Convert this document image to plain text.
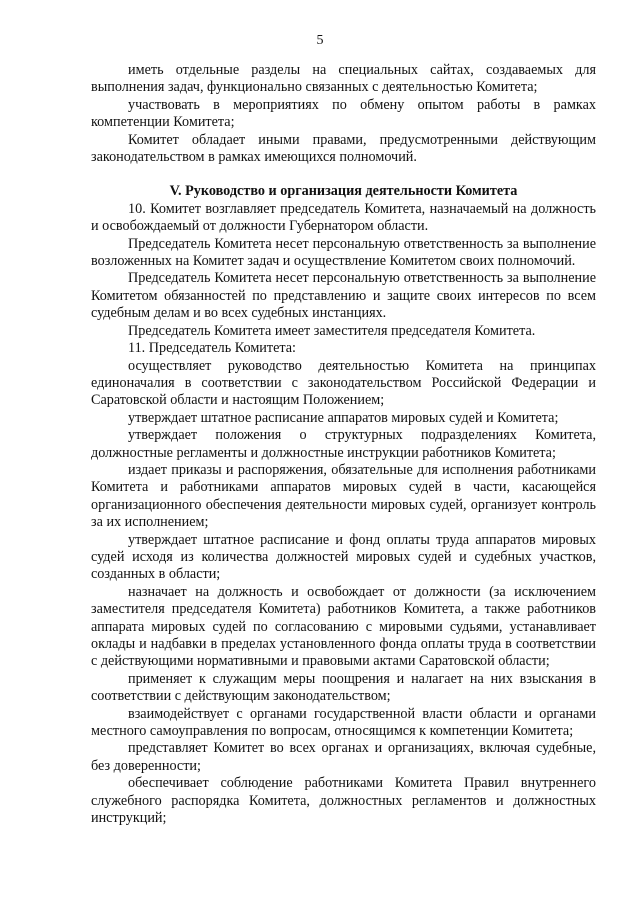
5

иметь отдельные разделы на специальных сайтах, создаваемых для выполнения задач, функционально связанных с деятельностью Комитета;

участвовать в мероприятиях по обмену опытом работы в рамках компетенции Комитета;

Комитет обладает иными правами, предусмотренными действующим законодательством в рамках имеющихся полномочий.

V. Руководство и организация деятельности Комитета

10. Комитет возглавляет председатель Комитета, назначаемый на должность и освобождаемый от должности Губернатором области.

Председатель Комитета несет персональную ответственность за выполнение возложенных на Комитет задач и осуществление Комитетом своих полномочий.

Председатель Комитета несет персональную ответственность за выполнение Комитетом обязанностей по представлению и защите своих интересов по всем судебным делам и во всех судебных инстанциях.

Председатель Комитета имеет заместителя председателя Комитета.

11. Председатель Комитета:

осуществляет руководство деятельностью Комитета на принципах единоначалия в соответствии с законодательством Российской Федерации и Саратовской области и настоящим Положением;

утверждает штатное расписание аппаратов мировых судей и Комитета;

утверждает положения о структурных подразделениях Комитета, должностные регламенты и должностные инструкции работников Комитета;

издает приказы и распоряжения, обязательные для исполнения работниками Комитета и работниками аппаратов мировых судей в части, касающейся организационного обеспечения деятельности мировых судей, организует контроль за их исполнением;

утверждает штатное расписание и фонд оплаты труда аппаратов мировых судей исходя из количества должностей мировых судей и судебных участков, созданных в области;

назначает на должность и освобождает от должности (за исключением заместителя председателя Комитета) работников Комитета, а также работников аппарата мировых судей по согласованию с мировыми судьями, устанавливает оклады и надбавки в пределах установленного фонда оплаты труда в соответствии с действующими нормативными и правовыми актами Саратовской области;

применяет к служащим меры поощрения и налагает на них взыскания в соответствии с действующим законодательством;

взаимодействует с органами государственной власти области и органами местного самоуправления по вопросам, относящимся к компетенции Комитета;

представляет Комитет во всех органах и организациях, включая судебные, без доверенности;

обеспечивает соблюдение работниками Комитета Правил внутреннего служебного распорядка Комитета, должностных регламентов и должностных инструкций;
